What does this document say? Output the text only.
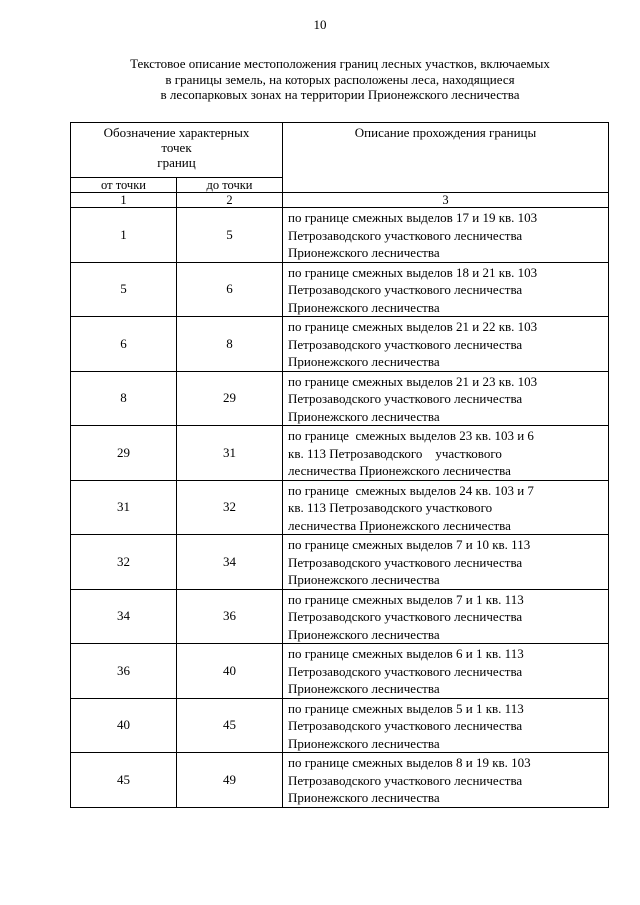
10
Текстовое описание местоположения границ лесных участков, включаемых
в границы земель, на которых расположены леса, находящиеся
в лесопарковых зонах на территории Прионежского лесничества
Обозначение характерных
точек
границ		Описание прохождения границы
от точки	до точки	
1	2	3
1	5	по границе смежных выделов 17 и 19 кв. 103
Петрозаводского участкового лесничества
Прионежского лесничества

5	6	по границе смежных выделов 18 и 21 кв. 103
Петрозаводского участкового лесничества
Прионежского лесничества

6	8	по границе смежных выделов 21 и 22 кв. 103
Петрозаводского участкового лесничества
Прионежского лесничества

8	29	по границе смежных выделов 21 и 23 кв. 103
Петрозаводского участкового лесничества
Прионежского лесничества

29	31	по границе  смежных выделов 23 кв. 103 и 6
кв. 113 Петрозаводского    участкового
лесничества Прионежского лесничества

31	32	по границе  смежных выделов 24 кв. 103 и 7
кв. 113 Петрозаводского участкового
лесничества Прионежского лесничества

32	34	по границе смежных выделов 7 и 10 кв. 113
Петрозаводского участкового лесничества
Прионежского лесничества

34	36	по границе смежных выделов 7 и 1 кв. 113
Петрозаводского участкового лесничества
Прионежского лесничества

36	40	по границе смежных выделов 6 и 1 кв. 113
Петрозаводского участкового лесничества
Прионежского лесничества

40	45	по границе смежных выделов 5 и 1 кв. 113
Петрозаводского участкового лесничества
Прионежского лесничества

45	49	по границе смежных выделов 8 и 19 кв. 103
Петрозаводского участкового лесничества
Прионежского лесничества
